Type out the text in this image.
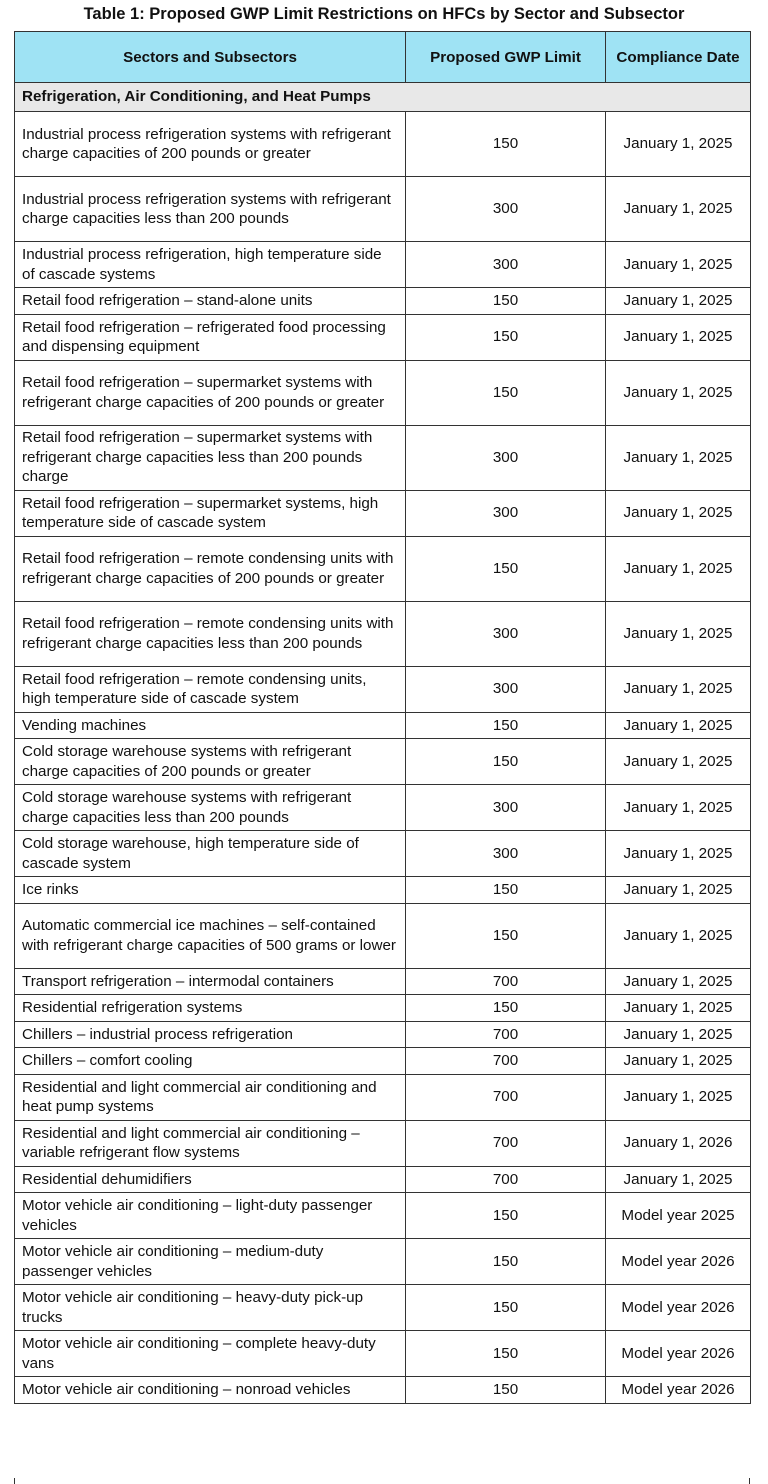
Table 1: Proposed GWP Limit Restrictions on HFCs by Sector and Subsector
Sectors and Subsectors	Proposed GWP Limit	Compliance Date
Refrigeration, Air Conditioning, and Heat Pumps		
Industrial process refrigeration systems with refrigerant charge capacities of 200 pounds or greater	150	January 1, 2025
Industrial process refrigeration systems with refrigerant charge capacities less than 200 pounds	300	January 1, 2025
Industrial process refrigeration, high temperature side of cascade systems	300	January 1, 2025
Retail food refrigeration – stand-alone units	150	January 1, 2025
Retail food refrigeration – refrigerated food processing and dispensing equipment	150	January 1, 2025
Retail food refrigeration – supermarket systems with refrigerant charge capacities of 200 pounds or greater	150	January 1, 2025
Retail food refrigeration – supermarket systems with refrigerant charge capacities less than 200 pounds charge	300	January 1, 2025
Retail food refrigeration – supermarket systems, high temperature side of cascade system	300	January 1, 2025
Retail food refrigeration – remote condensing units with refrigerant charge capacities of 200 pounds or greater	150	January 1, 2025
Retail food refrigeration – remote condensing units with refrigerant charge capacities less than 200 pounds	300	January 1, 2025
Retail food refrigeration – remote condensing units, high temperature side of cascade system	300	January 1, 2025
Vending machines	150	January 1, 2025
Cold storage warehouse systems with refrigerant charge capacities of 200 pounds or greater	150	January 1, 2025
Cold storage warehouse systems with refrigerant charge capacities less than 200 pounds	300	January 1, 2025
Cold storage warehouse, high temperature side of cascade system	300	January 1, 2025
Ice rinks	150	January 1, 2025
Automatic commercial ice machines – self-contained with refrigerant charge capacities of 500 grams or lower	150	January 1, 2025
Transport refrigeration – intermodal containers	700	January 1, 2025
Residential refrigeration systems	150	January 1, 2025
Chillers – industrial process refrigeration	700	January 1, 2025
Chillers – comfort cooling	700	January 1, 2025
Residential and light commercial air conditioning and heat pump systems	700	January 1, 2025
Residential and light commercial air conditioning – variable refrigerant flow systems	700	January 1, 2026
Residential dehumidifiers	700	January 1, 2025
Motor vehicle air conditioning – light-duty passenger vehicles	150	Model year 2025
Motor vehicle air conditioning – medium-duty passenger vehicles	150	Model year 2026
Motor vehicle air conditioning – heavy-duty pick-up trucks	150	Model year 2026
Motor vehicle air conditioning – complete heavy-duty vans	150	Model year 2026
Motor vehicle air conditioning – nonroad vehicles	150	Model year 2026
